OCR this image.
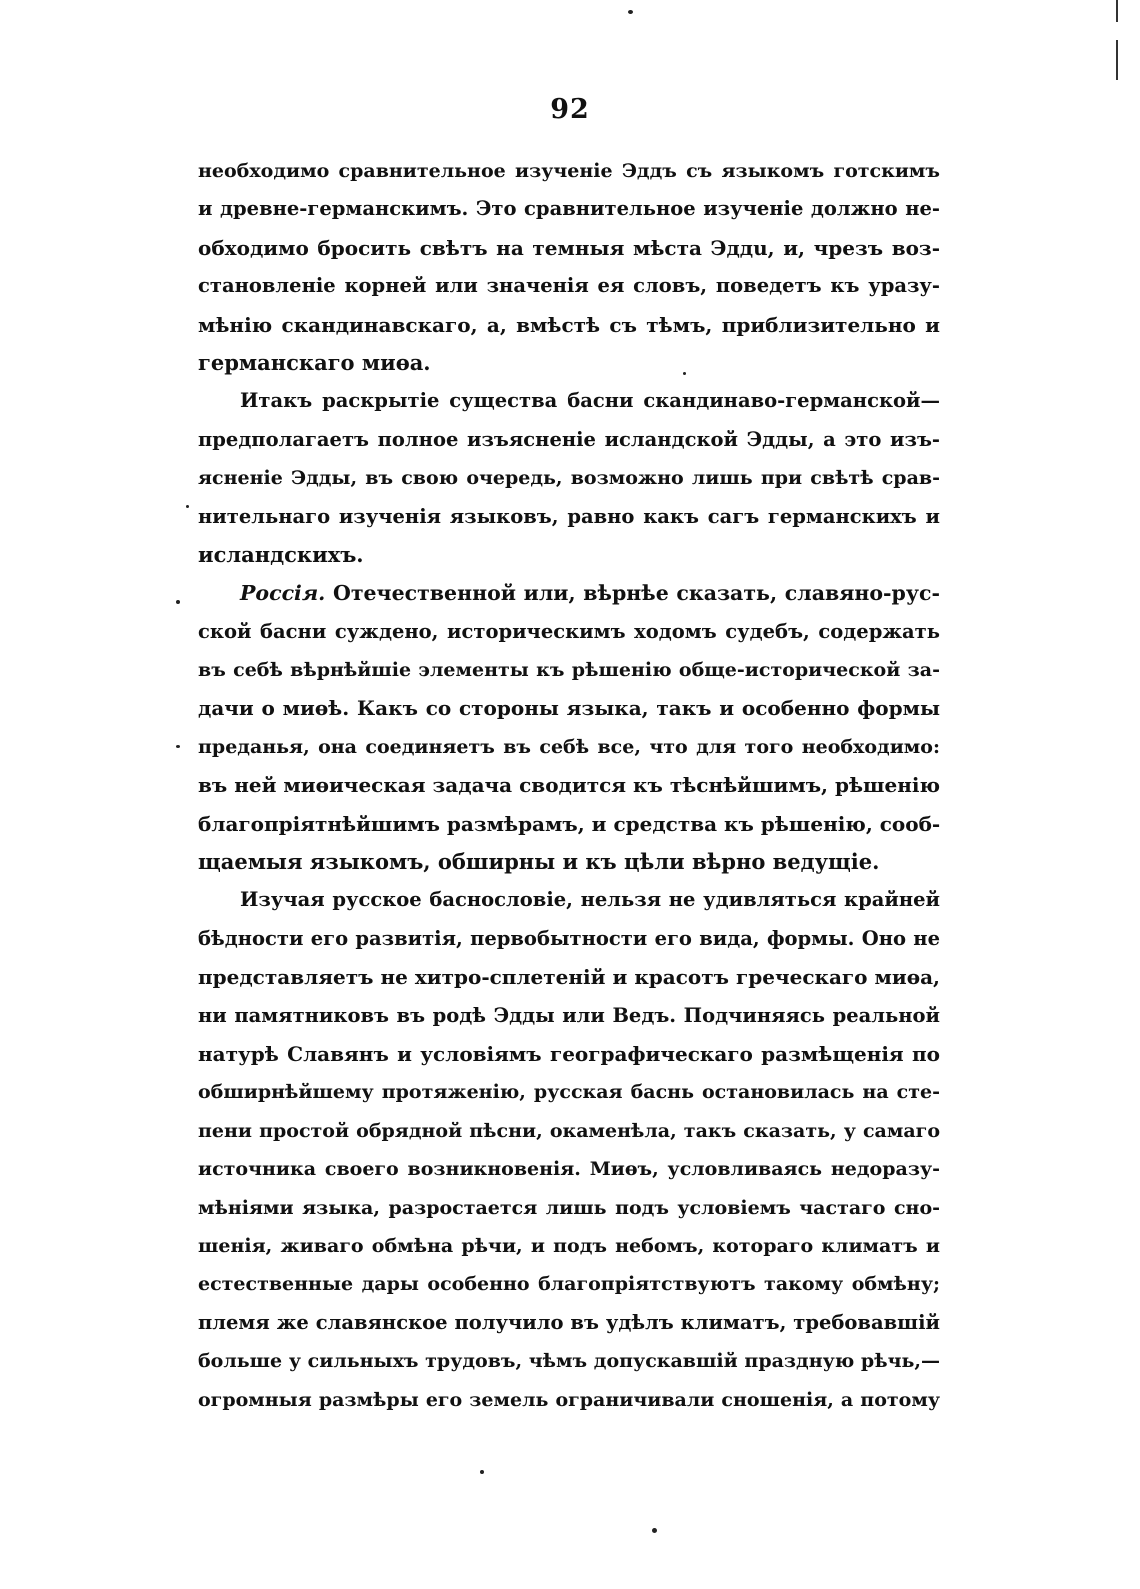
92
необходимо сравнительное изученіе Эддъ съ языкомъ готскимъ
и древне-германскимъ. Это сравнительное изученіе должно не-
обходимо бросить свѣтъ на темныя мѣста Эддu, и, чрезъ воз-
становленіе корней или значенія ея словъ, поведетъ къ уразу-
мѣнію скандинавскаго, а, вмѣстѣ съ тѣмъ, приблизительно и
германскаго миөа.
Итакъ раскрытіе существа басни скандинаво-германской—
предполагаетъ полное изъясненіе исландской Эдды, а это изъ-
ясненіе Эдды, въ свою очередь, возможно лишь при свѣтѣ срав-
нительнаго изученія языковъ, равно какъ сагъ германскихъ и
исландскихъ.
Россія. Отечественной или, вѣрнѣе сказать, славяно-рус-
ской басни суждено, историческимъ ходомъ судебъ, содержать
въ себѣ вѣрнѣйшіе элементы къ рѣшенію обще-исторической за-
дачи о миөѣ. Какъ со стороны языка, такъ и особенно формы
преданья, она соединяетъ въ себѣ все, что для того необходимо:
въ ней миөическая задача сводится къ тѣснѣйшимъ, рѣшенію
благопріятнѣйшимъ размѣрамъ, и средства къ рѣшенію, сооб-
щаемыя языкомъ, обширны и къ цѣли вѣрно ведущіе.
Изучая русское баснословіе, нельзя не удивляться крайней
бѣдности его развитія, первобытности его вида, формы. Оно не
представляетъ не хитро-сплетеній и красотъ греческаго миөа,
ни памятниковъ въ родѣ Эдды или Ведъ. Подчиняясь реальной
натурѣ Славянъ и условіямъ географическаго размѣщенія по
обширнѣйшему протяженію, русская баснь остановилась на сте-
пени простой обрядной пѣсни, окаменѣла, такъ сказать, у самаго
источника своего возникновенія. Миөъ, условливаясь недоразу-
мѣніями языка, разростается лишь подъ условіемъ частаго сно-
шенія, живаго обмѣна рѣчи, и подъ небомъ, котораго климатъ и
естественные дары особенно благопріятствуютъ такому обмѣну;
племя же славянское получило въ удѣлъ климатъ, требовавшій
больше у сильныхъ трудовъ, чѣмъ допускавшій праздную рѣчь,—
огромныя размѣры его земель ограничивали сношенія, а потому
